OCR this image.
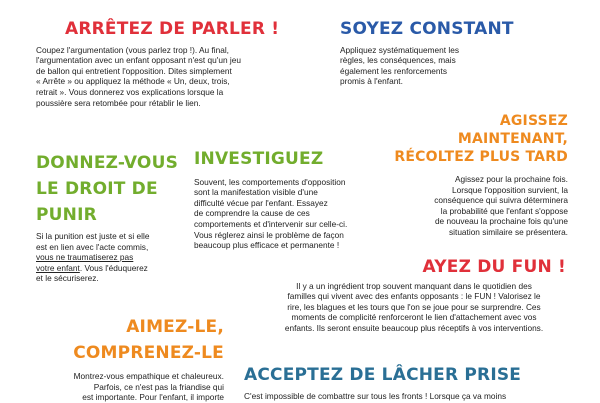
ARRÊTEZ DE PARLER !
Coupez l'argumentation (vous parlez trop !). Au final,
l'argumentation avec un enfant opposant n'est qu'un jeu
de ballon qui entretient l'opposition. Dites simplement
« Arrête » ou appliquez la méthode « Un, deux, trois,
retrait ». Vous donnerez vos explications lorsque la
poussière sera retombée pour rétablir le lien.
SOYEZ CONSTANT
Appliquez systématiquement les
règles, les conséquences, mais
également les renforcements
promis à l'enfant.
AGISSEZ MAINTENANT,
RÉCOLTEZ PLUS TARD
Agissez pour la prochaine fois.
Lorsque l'opposition survient, la
conséquence qui suivra déterminera
la probabilité que l'enfant s'oppose
de nouveau la prochaine fois qu'une
situation similaire se présentera.
DONNEZ-VOUS
LE DROIT DE
PUNIR
Si la punition est juste et si elle
est en lien avec l'acte commis,
vous ne traumatiserez pas
votre enfant. Vous l'éduquerez
et le sécuriserez.
INVESTIGUEZ
Souvent, les comportements d'opposition
sont la manifestation visible d'une
difficulté vécue par l'enfant. Essayez
de comprendre la cause de ces
comportements et d'intervenir sur celle-ci.
Vous réglerez ainsi le problème de façon
beaucoup plus efficace et permanente !
AYEZ DU FUN !
Il y a un ingrédient trop souvent manquant dans le quotidien des
familles qui vivent avec des enfants opposants : le FUN ! Valorisez le
rire, les blagues et les tours que l'on se joue pour se surprendre. Ces
moments de complicité renforceront le lien d'attachement avec vos
enfants. Ils seront ensuite beaucoup plus réceptifs à vos interventions.
AIMEZ-LE,
COMPRENEZ-LE
Montrez-vous empathique et chaleureux.
Parfois, ce n'est pas la friandise qui
est importante. Pour l'enfant, il importe
ACCEPTEZ DE LÂCHER PRISE
C'est impossible de combattre sur tous les fronts ! Lorsque ça va moins
